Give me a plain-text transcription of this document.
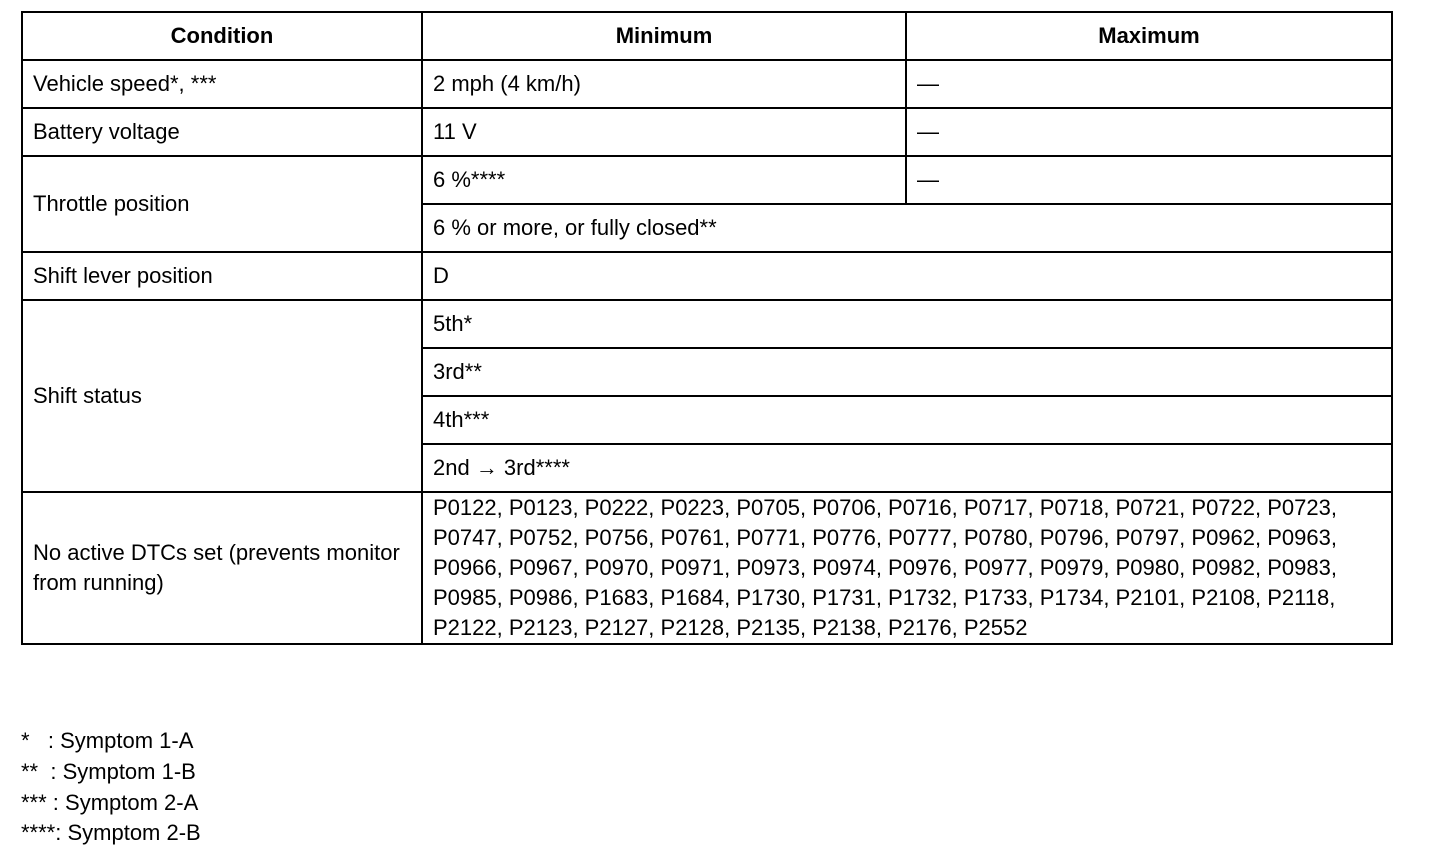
Condition	Minimum	Maximum
Vehicle speed*, ***	2 mph (4 km/h)	—
Battery voltage	11 V	—
Throttle position	6 %****	—
	6 % or more, or fully closed**	
Shift lever position	D	
Shift status	5th*	
	3rd**	
	4th***	
	2nd → 3rd****	
No active DTCs set (prevents monitor from running)	P0122, P0123, P0222, P0223, P0705, P0706, P0716, P0717, P0718, P0721, P0722, P0723, P0747, P0752, P0756, P0761, P0771, P0776, P0777, P0780, P0796, P0797, P0962, P0963, P0966, P0967, P0970, P0971, P0973, P0974, P0976, P0977, P0979, P0980, P0982, P0983, P0985, P0986, P1683, P1684, P1730, P1731, P1732, P1733, P1734, P2101, P2108, P2118, P2122, P2123, P2127, P2128, P2135, P2138, P2176, P2552	
* : Symptom 1-A
** : Symptom 1-B
*** : Symptom 2-A
**** : Symptom 2-B
